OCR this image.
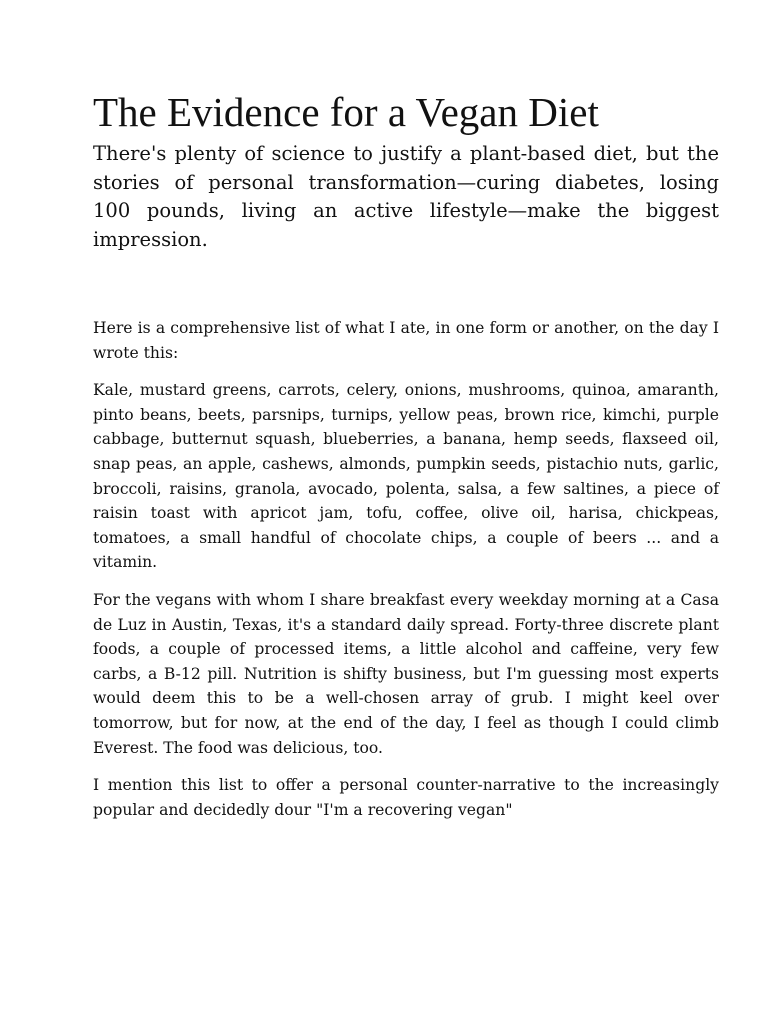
The Evidence for a Vegan Diet

There's plenty of science to justify a plant-based diet, but the stories of personal transformation—curing diabetes, losing 100 pounds, living an active lifestyle—make the biggest impression.

Here is a comprehensive list of what I ate, in one form or another, on the day I wrote this:

Kale, mustard greens, carrots, celery, onions, mushrooms, quinoa, amaranth, pinto beans, beets, parsnips, turnips, yellow peas, brown rice, kimchi, purple cabbage, butternut squash, blueberries, a banana, hemp seeds, flaxseed oil, snap peas, an apple, cashews, almonds, pumpkin seeds, pistachio nuts, garlic, broccoli, raisins, granola, avocado, polenta, salsa, a few saltines, a piece of raisin toast with apricot jam, tofu, coffee, olive oil, harisa, chickpeas, tomatoes, a small handful of chocolate chips, a couple of beers ... and a vitamin.

For the vegans with whom I share breakfast every weekday morning at a Casa de Luz in Austin, Texas, it's a standard daily spread. Forty-three discrete plant foods, a couple of processed items, a little alcohol and caffeine, very few carbs, a B-12 pill. Nutrition is shifty business, but I'm guessing most experts would deem this to be a well-chosen array of grub. I might keel over tomorrow, but for now, at the end of the day, I feel as though I could climb Everest. The food was delicious, too.

I mention this list to offer a personal counter-narrative to the increasingly popular and decidedly dour "I'm a recovering vegan"
